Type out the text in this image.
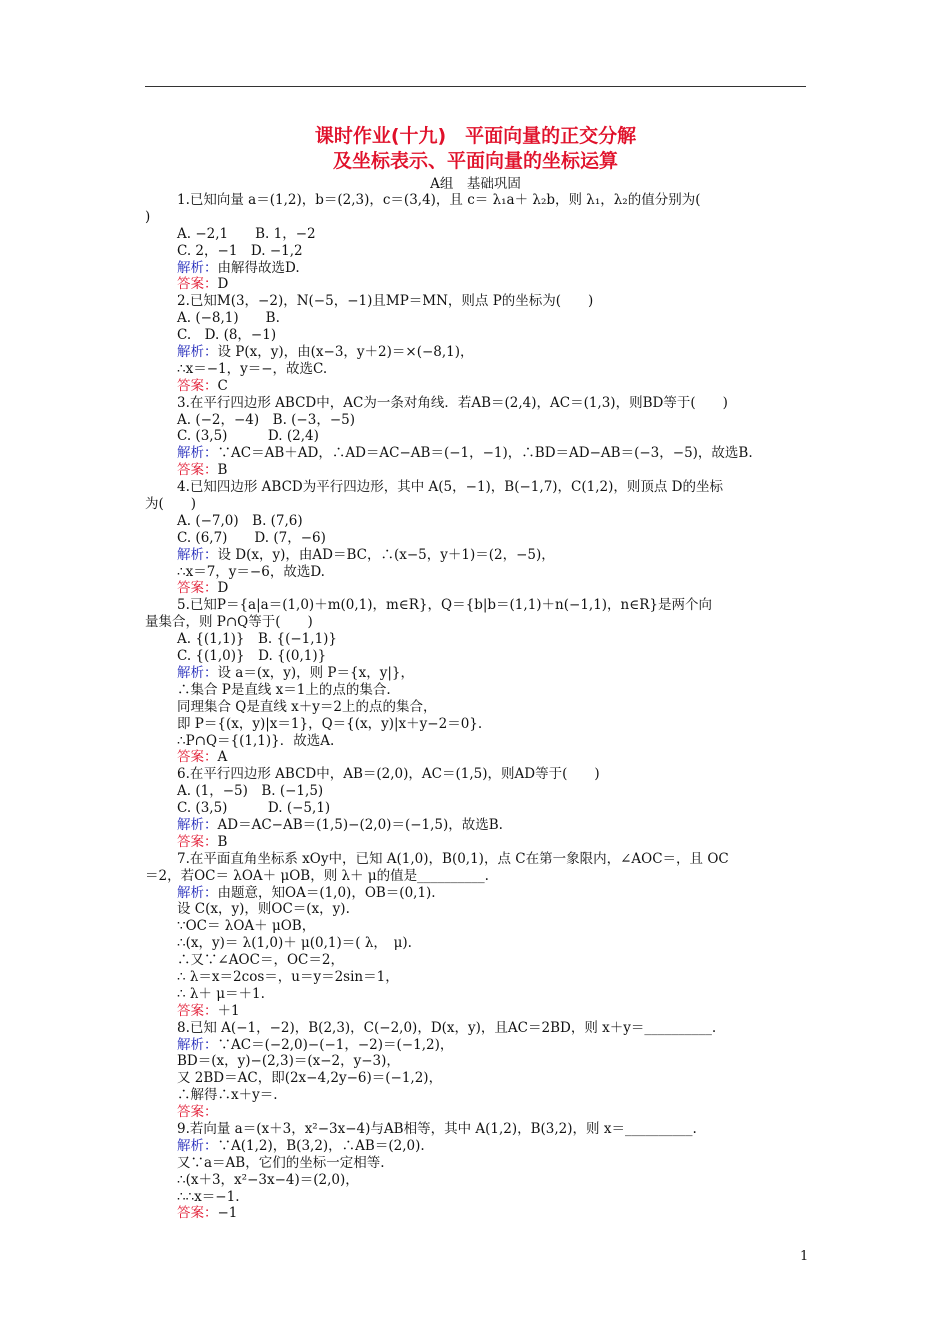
课时作业(十九)　平面向量的正交分解
及坐标表示、平面向量的坐标运算
A组　基础巩固
1.已知向量 a＝(1,2)，b＝(2,3)，c＝(3,4)，且 c＝ λ₁a＋ λ₂b，则 λ₁，λ₂的值分别为(
)
A. −2,1　　B. 1，−2
C. 2，−1　D. −1,2
解析：由解得故选D.
答案：D
2.已知M(3，−2)，N(−5，−1)且MP＝MN，则点 P的坐标为(　　)
A. (−8,1)　　B.
C.　D. (8，−1)
解析：设 P(x，y)，由(x−3，y＋2)＝×(−8,1)，
∴x＝−1，y＝−，故选C.
答案：C
3.在平行四边形 ABCD中，AC为一条对角线．若AB＝(2,4)，AC＝(1,3)，则BD等于(　　)
A. (−2，−4)　B. (−3，−5)
C. (3,5)　　　D. (2,4)
解析：∵AC＝AB＋AD，∴AD＝AC−AB＝(−1，−1)，∴BD＝AD−AB＝(−3，−5)，故选B.
答案：B
4.已知四边形 ABCD为平行四边形，其中 A(5，−1)，B(−1,7)，C(1,2)，则顶点 D的坐标
为(　　)
A. (−7,0)　B. (7,6)
C. (6,7)　　D. (7，−6)
解析：设 D(x，y)，由AD＝BC，∴(x−5，y＋1)＝(2，−5)，
∴x＝7，y＝−6，故选D.
答案：D
5.已知P＝{a|a＝(1,0)＋m(0,1)，m∈R}，Q＝{b|b＝(1,1)＋n(−1,1)，n∈R}是两个向
量集合，则 P∩Q等于(　　)
A. {(1,1)}　B. {(−1,1)}
C. {(1,0)}　D. {(0,1)}
解析：设 a＝(x，y)，则 P＝{x，y|}，
∴集合 P是直线 x＝1上的点的集合.
同理集合 Q是直线 x＋y＝2上的点的集合，
即 P＝{(x，y)|x＝1}，Q＝{(x，y)|x＋y−2＝0}.
∴P∩Q＝{(1,1)}．故选A.
答案：A
6.在平行四边形 ABCD中，AB＝(2,0)，AC＝(1,5)，则AD等于(　　)
A. (1，−5)　B. (−1,5)
C. (3,5)　　　D. (−5,1)
解析：AD＝AC−AB＝(1,5)−(2,0)＝(−1,5)，故选B.
答案：B
7.在平面直角坐标系 xOy中，已知 A(1,0)，B(0,1)，点 C在第一象限内，∠AOC＝，且 OC
＝2，若OC＝ λOA＋ μOB，则 λ＋ μ的值是__________.
解析：由题意，知OA＝(1,0)，OB＝(0,1).
设 C(x，y)，则OC＝(x，y).
∵OC＝ λOA＋ μOB，
∴(x，y)＝ λ(1,0)＋ μ(0,1)＝( λ，　μ).
∴又∵∠AOC＝，OC＝2，
∴ λ＝x＝2cos＝，u＝y＝2sin＝1，
∴ λ＋ μ＝＋1.
答案：＋1
8.已知 A(−1，−2)，B(2,3)，C(−2,0)，D(x，y)，且AC＝2BD，则 x＋y＝__________.
解析：∵AC＝(−2,0)−(−1，−2)＝(−1,2)，
BD＝(x，y)−(2,3)＝(x−2，y−3)，
又 2BD＝AC，即(2x−4,2y−6)＝(−1,2)，
∴解得∴x＋y＝.
答案：
9.若向量 a＝(x＋3，x²−3x−4)与AB相等，其中 A(1,2)，B(3,2)，则 x＝__________.
解析：∵A(1,2)，B(3,2)，∴AB＝(2,0).
又∵a＝AB，它们的坐标一定相等.
∴(x＋3，x²−3x−4)＝(2,0)，
∴∴x＝−1.
答案：−1
1
